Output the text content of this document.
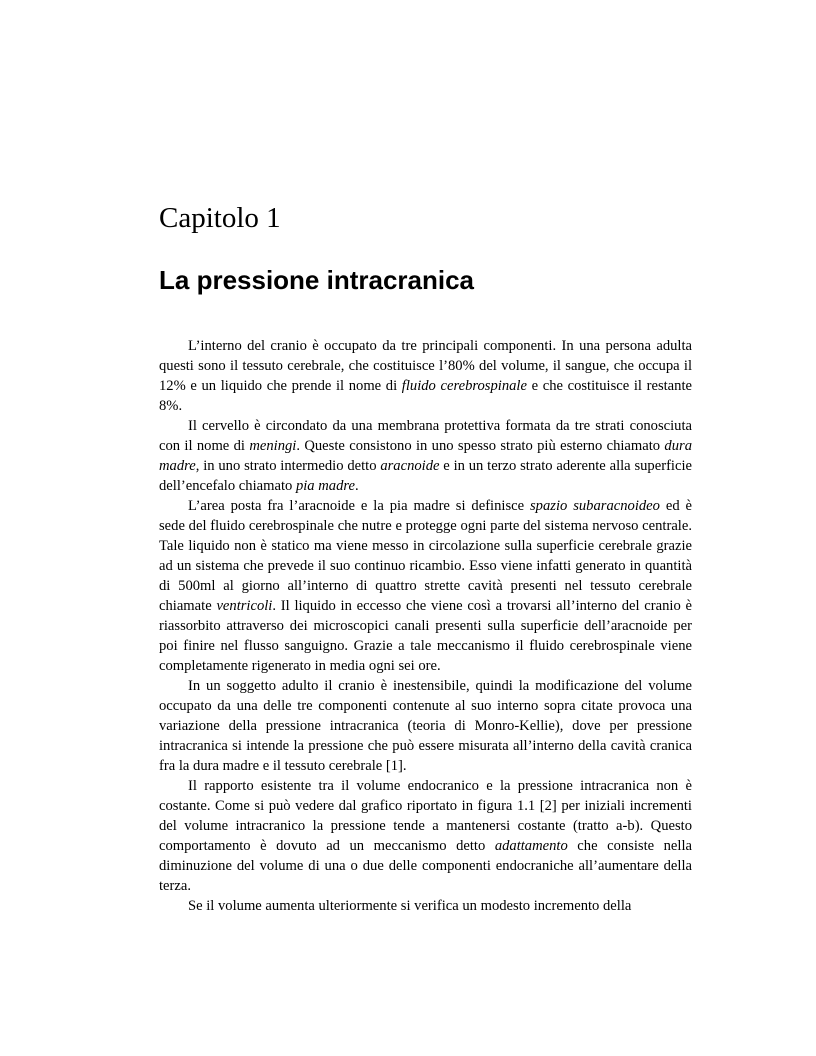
Capitolo 1
La pressione intracranica

L’interno del cranio è occupato da tre principali componenti. In una persona adulta questi sono il tessuto cerebrale, che costituisce l’80% del volume, il sangue, che occupa il 12% e un liquido che prende il nome di fluido cerebrospinale e che costituisce il restante 8%.

Il cervello è circondato da una membrana protettiva formata da tre strati conosciuta con il nome di meningi. Queste consistono in uno spesso strato più esterno chiamato dura madre, in uno strato intermedio detto aracnoide e in un terzo strato aderente alla superficie dell’encefalo chiamato pia madre.

L’area posta fra l’aracnoide e la pia madre si definisce spazio subaracnoideo ed è sede del fluido cerebrospinale che nutre e protegge ogni parte del sistema nervoso centrale. Tale liquido non è statico ma viene messo in circolazione sulla superficie cerebrale grazie ad un sistema che prevede il suo continuo ricambio. Esso viene infatti generato in quantità di 500ml al giorno all’interno di quattro strette cavità presenti nel tessuto cerebrale chiamate ventricoli. Il liquido in eccesso che viene così a trovarsi all’interno del cranio è riassorbito attraverso dei microscopici canali presenti sulla superficie dell’aracnoide per poi finire nel flusso sanguigno. Grazie a tale meccanismo il fluido cerebrospinale viene completamente rigenerato in media ogni sei ore.

In un soggetto adulto il cranio è inestensibile, quindi la modificazione del volume occupato da una delle tre componenti contenute al suo interno sopra citate provoca una variazione della pressione intracranica (teoria di Monro-Kellie), dove per pressione intracranica si intende la pressione che può essere misurata all’interno della cavità cranica fra la dura madre e il tessuto cerebrale [1].

Il rapporto esistente tra il volume endocranico e la pressione intracranica non è costante. Come si può vedere dal grafico riportato in figura 1.1 [2] per iniziali incrementi del volume intracranico la pressione tende a mantenersi costante (tratto a-b). Questo comportamento è dovuto ad un meccanismo detto adattamento che consiste nella diminuzione del volume di una o due delle componenti endocraniche all’aumentare della terza.

Se il volume aumenta ulteriormente si verifica un modesto incremento della
